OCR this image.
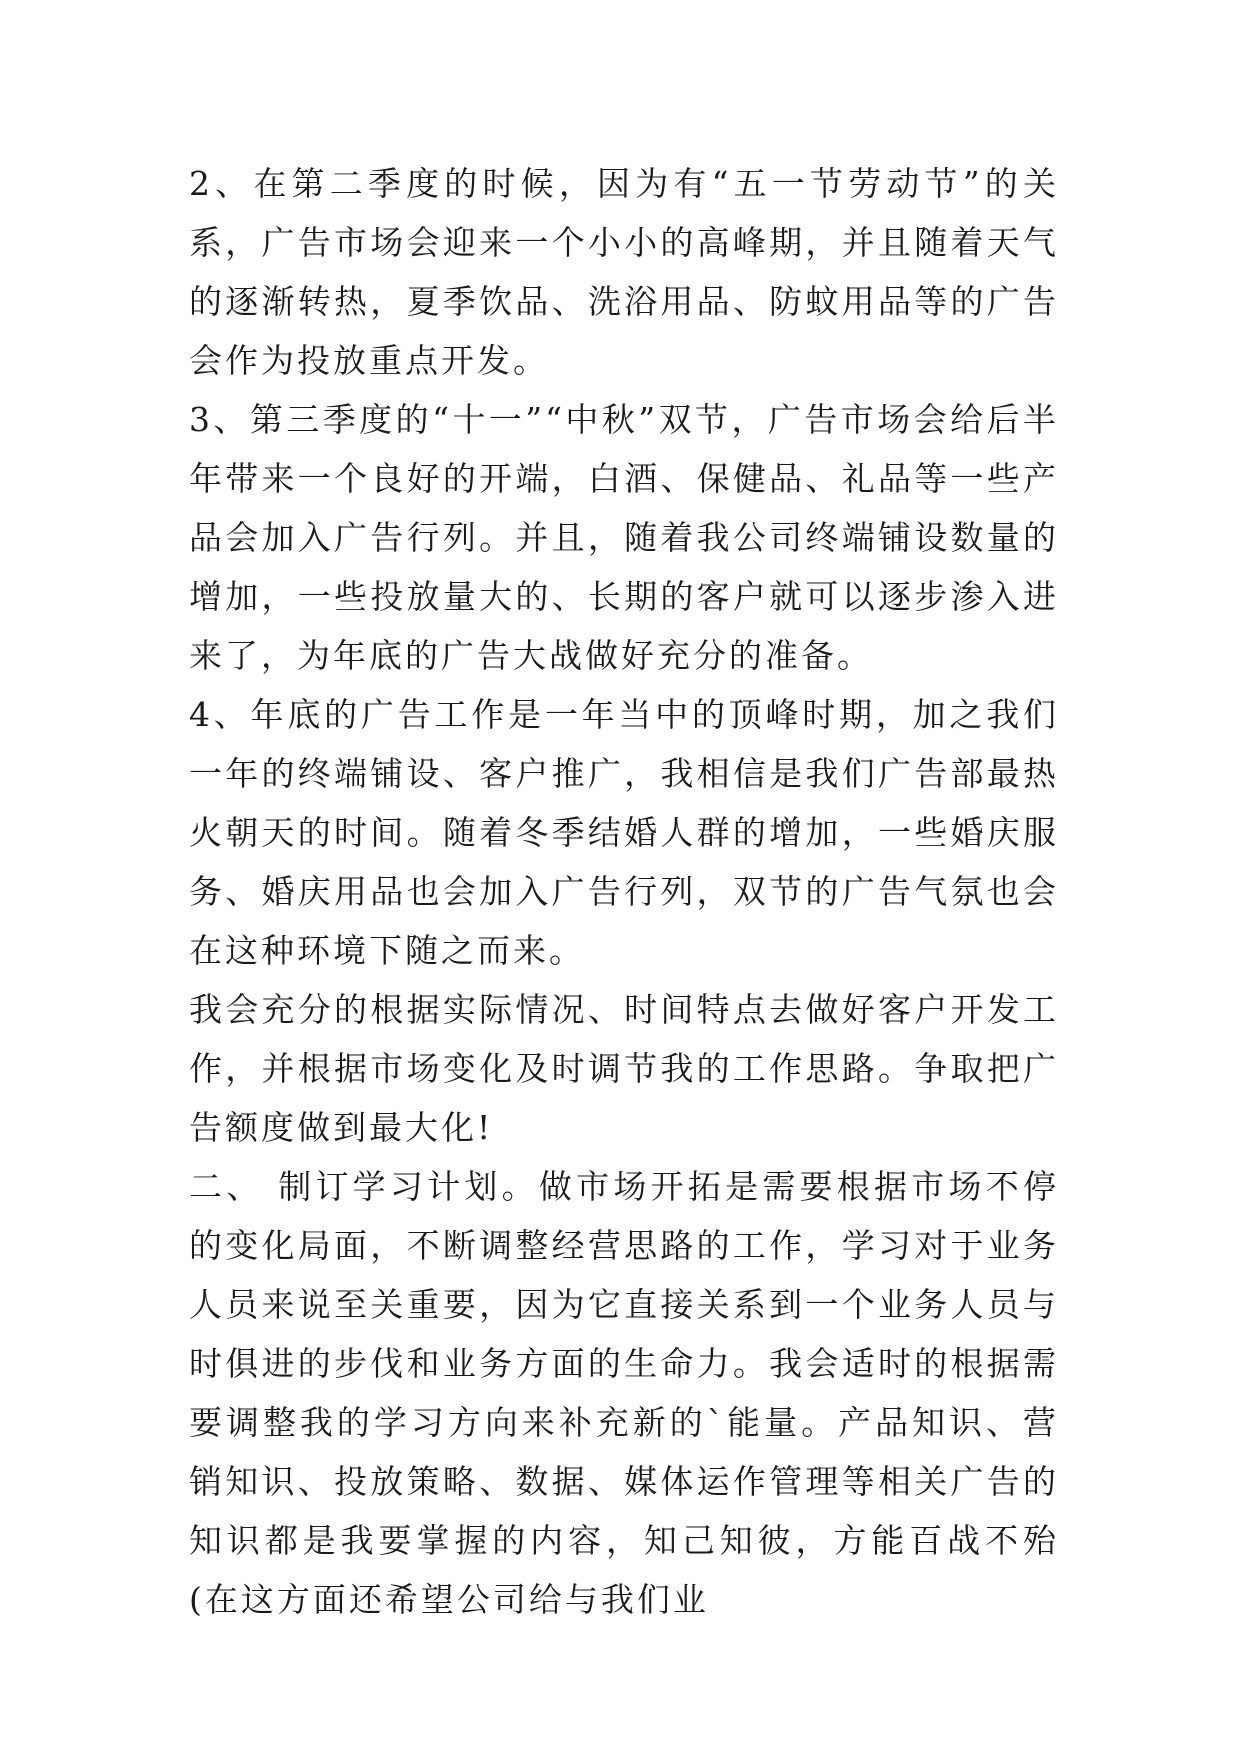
2、在第二季度的时候，因为有“五一节劳动节”的关系，广告市场会迎来一个小小的高峰期，并且随着天气的逐渐转热，夏季饮品、洗浴用品、防蚊用品等的广告会作为投放重点开发。

3、第三季度的“十一”“中秋”双节，广告市场会给后半年带来一个良好的开端，白酒、保健品、礼品等一些产品会加入广告行列。并且，随着我公司终端铺设数量的增加，一些投放量大的、长期的客户就可以逐步渗入进来了，为年底的广告大战做好充分的准备。

4、年底的广告工作是一年当中的顶峰时期，加之我们一年的终端铺设、客户推广，我相信是我们广告部最热火朝天的时间。随着冬季结婚人群的增加，一些婚庆服务、婚庆用品也会加入广告行列，双节的广告气氛也会在这种环境下随之而来。

我会充分的根据实际情况、时间特点去做好客户开发工作，并根据市场变化及时调节我的工作思路。争取把广告额度做到最大化!

二、 制订学习计划。做市场开拓是需要根据市场不停的变化局面，不断调整经营思路的工作，学习对于业务人员来说至关重要，因为它直接关系到一个业务人员与时俱进的步伐和业务方面的生命力。我会适时的根据需要调整我的学习方向来补充新的`能量。产品知识、营销知识、投放策略、数据、媒体运作管理等相关广告的知识都是我要掌握的内容，知己知彼，方能百战不殆(在这方面还希望公司给与我们业
